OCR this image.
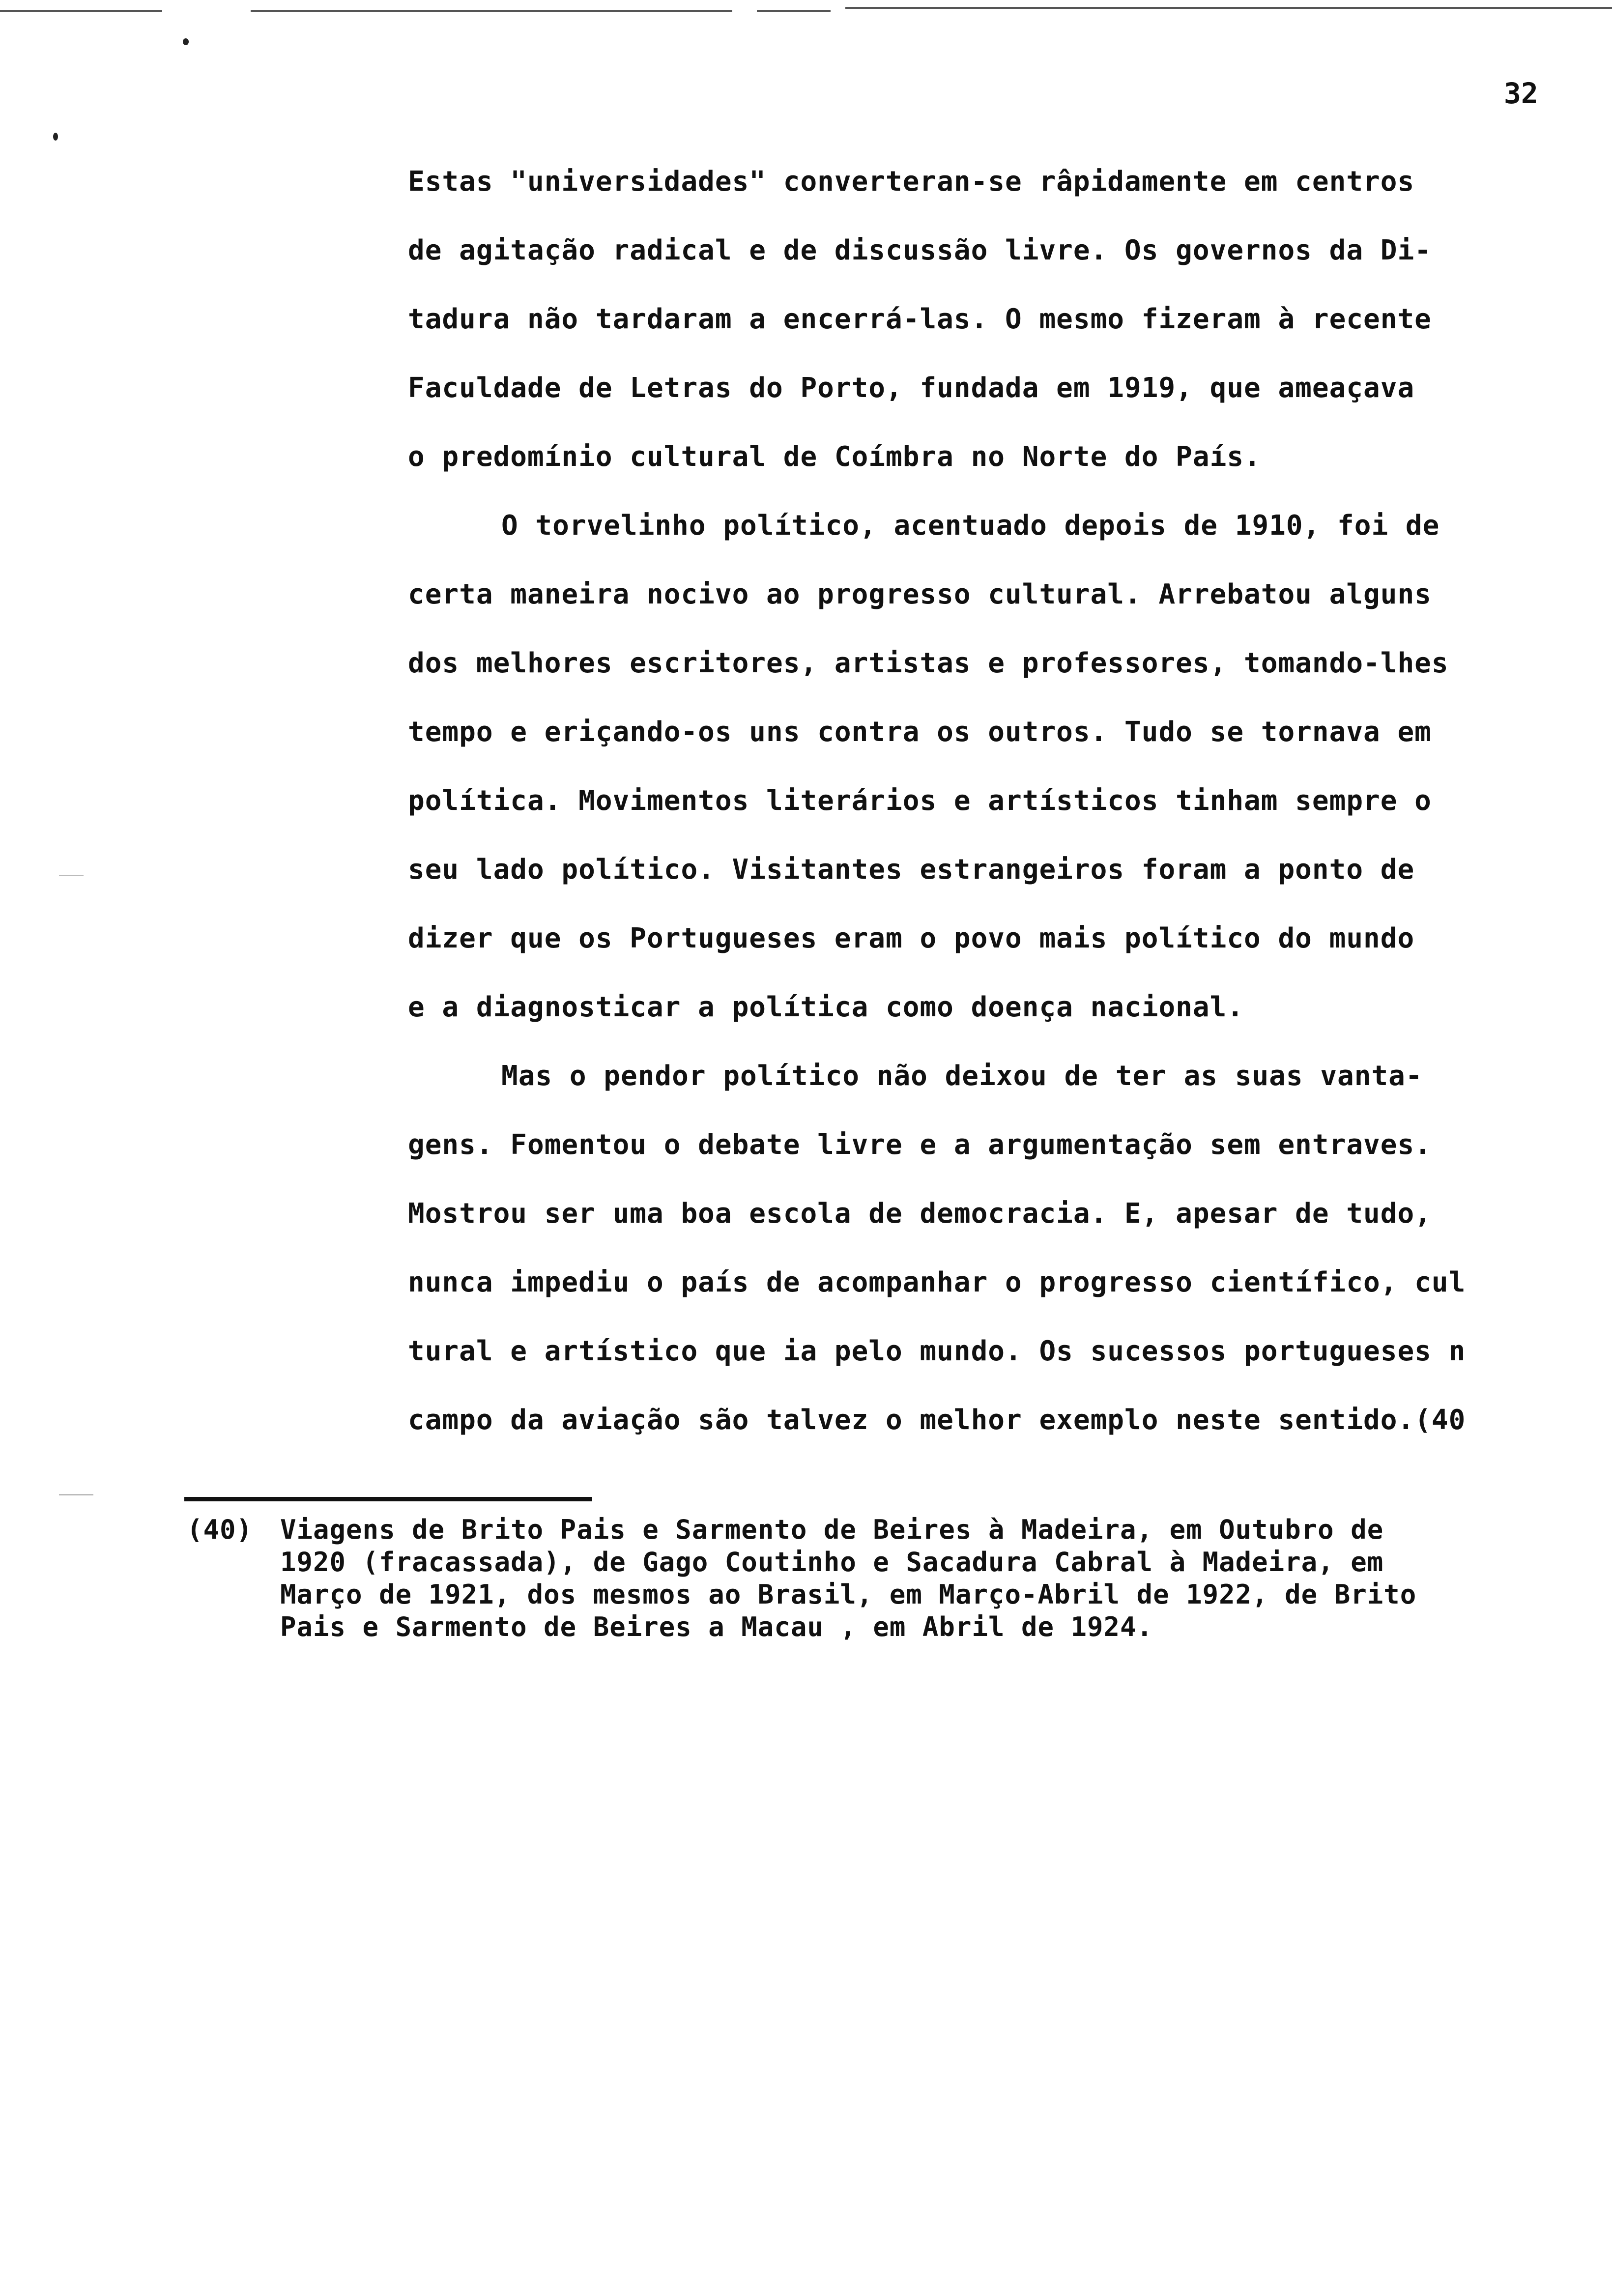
32
Estas "universidades" converteran-se râpidamente em centros
de agitação radical e de discussão livre. Os governos da Di-
tadura não tardaram a encerrá-las. O mesmo fizeram à recente
Faculdade de Letras do Porto, fundada em 1919, que ameaçava
o predomínio cultural de Coímbra no Norte do País.
O torvelinho político, acentuado depois de 1910, foi de
certa maneira nocivo ao progresso cultural. Arrebatou alguns
dos melhores escritores, artistas e professores, tomando-lhes
tempo e eriçando-os uns contra os outros. Tudo se tornava em
política. Movimentos literários e artísticos tinham sempre o
seu lado político. Visitantes estrangeiros foram a ponto de
dizer que os Portugueses eram o povo mais político do mundo
e a diagnosticar a política como doença nacional.
Mas o pendor político não deixou de ter as suas vanta-
gens. Fomentou o debate livre e a argumentação sem entraves.
Mostrou ser uma boa escola de democracia. E, apesar de tudo,
nunca impediu o país de acompanhar o progresso científico, cul
tural e artístico que ia pelo mundo. Os sucessos portugueses n
campo da aviação são talvez o melhor exemplo neste sentido.(40
(40) Viagens de Brito Pais e Sarmento de Beires à Madeira, em Outubro de
1920 (fracassada), de Gago Coutinho e Sacadura Cabral à Madeira, em
Março de 1921, dos mesmos ao Brasil, em Março-Abril de 1922, de Brito
Pais e Sarmento de Beires a Macau , em Abril de 1924.
